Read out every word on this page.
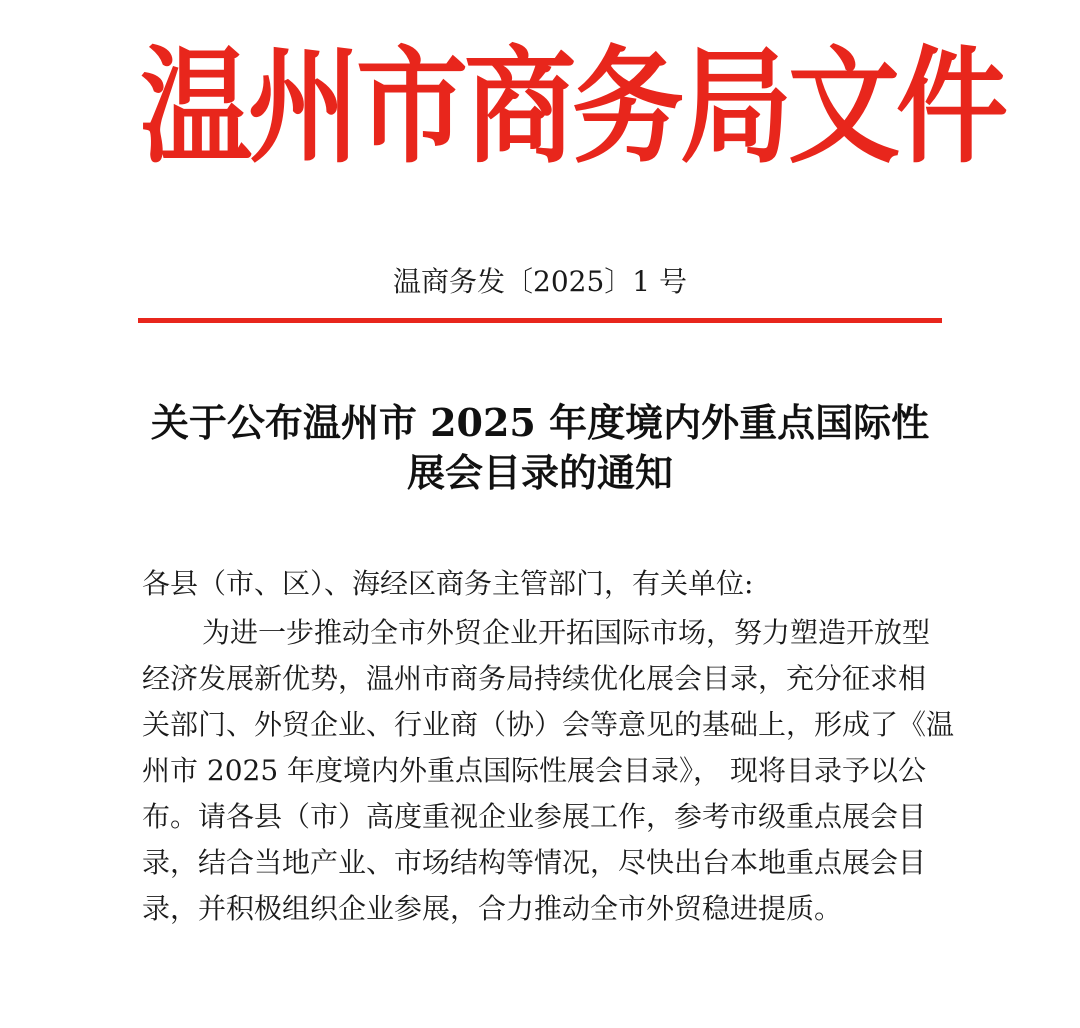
温州市商务局文件
温商务发〔2025〕1 号
关于公布温州市 2025 年度境内外重点国际性
展会目录的通知
各县（市、区）、海经区商务主管部门，有关单位:
为进一步推动全市外贸企业开拓国际市场，努力塑造开放型
经济发展新优势，温州市商务局持续优化展会目录，充分征求相
关部门、外贸企业、行业商（协）会等意见的基础上，形成了《温
州市 2025 年度境内外重点国际性展会目录》， 现将目录予以公
布。请各县（市）高度重视企业参展工作，参考市级重点展会目
录，结合当地产业、市场结构等情况，尽快出台本地重点展会目
录，并积极组织企业参展，合力推动全市外贸稳进提质。
